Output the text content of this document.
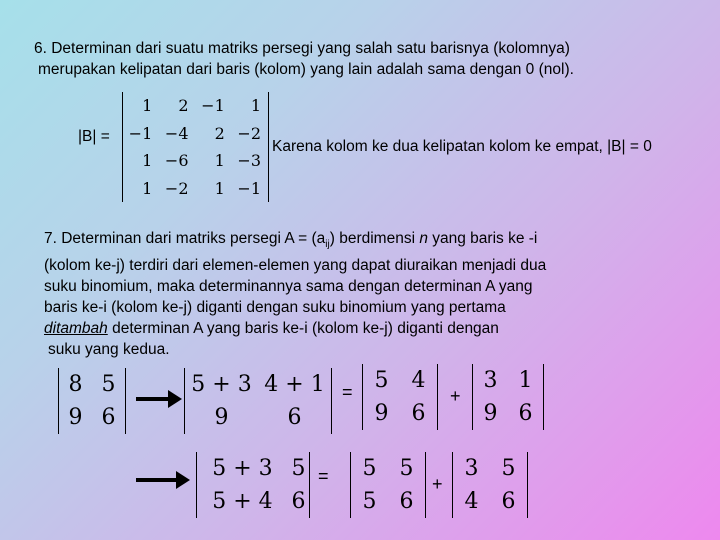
6. Determinan dari suatu matriks persegi yang salah satu barisnya (kolomnya)
merupakan kelipatan dari baris (kolom) yang lain adalah sama dengan 0 (nol).
|B| =
1	2	−1	1
−1	−4	2	−2
1	−6	1	−3
1	−2	1	−1
Karena kolom ke dua kelipatan kolom ke empat, |B| = 0
7. Determinan dari matriks persegi $A = (a_{ij})$ berdimensi n yang baris ke -i
(kolom ke-j) terdiri dari elemen-elemen yang dapat diuraikan menjadi dua
suku binomium, maka determinannya sama dengan determinan A yang
baris ke-i (kolom ke-j) diganti dengan suku binomium yang pertama
ditambah determinan A yang baris ke-i (kolom ke-j) diganti dengan
suku yang kedua.
8	5
9	6
5 + 3	4 + 1
9	6
= 5	4
9	6
+
3	1
9	6
5 + 3	5
5 + 4	6
= 5	5
5	6
+
3	5
4	6
